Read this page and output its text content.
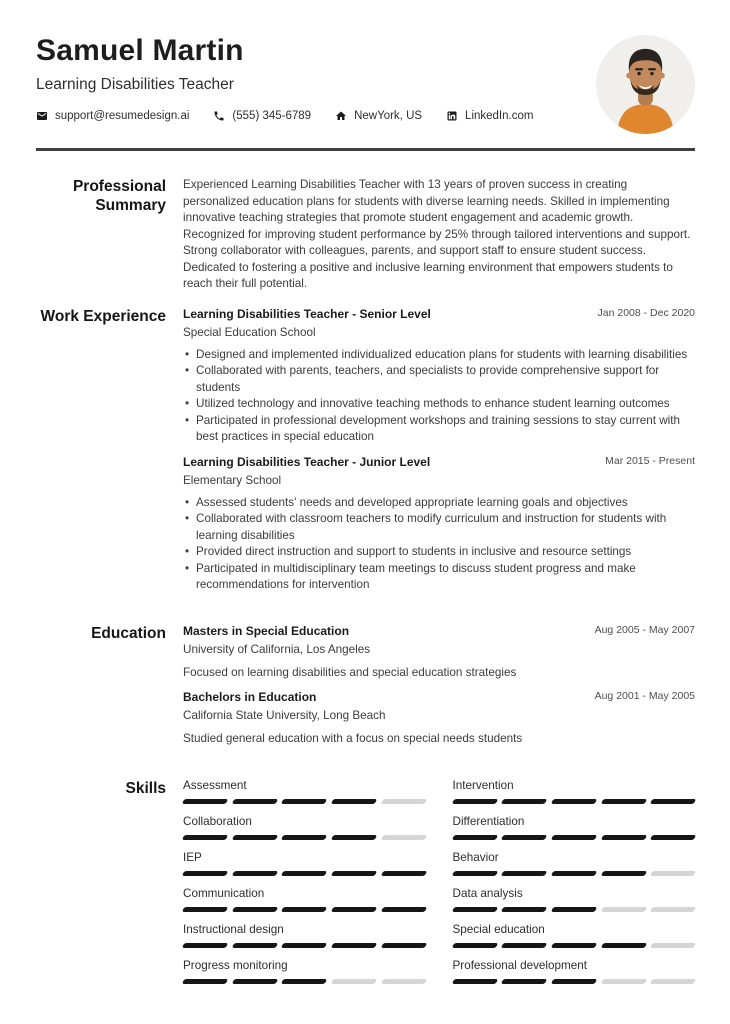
Samuel Martin
Learning Disabilities Teacher
support@resumedesign.ai	(555) 345-6789	NewYork, US	LinkedIn.com
Professional Summary
Experienced Learning Disabilities Teacher with 13 years of proven success in creating personalized education plans for students with diverse learning needs. Skilled in implementing innovative teaching strategies that promote student engagement and academic growth. Recognized for improving student performance by 25% through tailored interventions and support. Strong collaborator with colleagues, parents, and support staff to ensure student success. Dedicated to fostering a positive and inclusive learning environment that empowers students to reach their full potential.
Work Experience Learning Disabilities Teacher - Senior Level	Jan 2008 - Dec 2020
Special Education School
• Designed and implemented individualized education plans for students with learning disabilities
• Collaborated with parents, teachers, and specialists to provide comprehensive support for students
• Utilized technology and innovative teaching methods to enhance student learning outcomes
• Participated in professional development workshops and training sessions to stay current with best practices in special education
Learning Disabilities Teacher - Junior Level	Mar 2015 - Present
Elementary School
• Assessed students' needs and developed appropriate learning goals and objectives
• Collaborated with classroom teachers to modify curriculum and instruction for students with learning disabilities
• Provided direct instruction and support to students in inclusive and resource settings
• Participated in multidisciplinary team meetings to discuss student progress and make recommendations for intervention
Education Masters in Special Education	Aug 2005 - May 2007
University of California, Los Angeles
Focused on learning disabilities and special education strategies
Bachelors in Education	Aug 2001 - May 2005
California State University, Long Beach
Studied general education with a focus on special needs students
Skills Assessment	Intervention
Collaboration	Differentiation
IEP	Behavior
Communication	Data analysis
Instructional design	Special education
Progress monitoring	Professional development
